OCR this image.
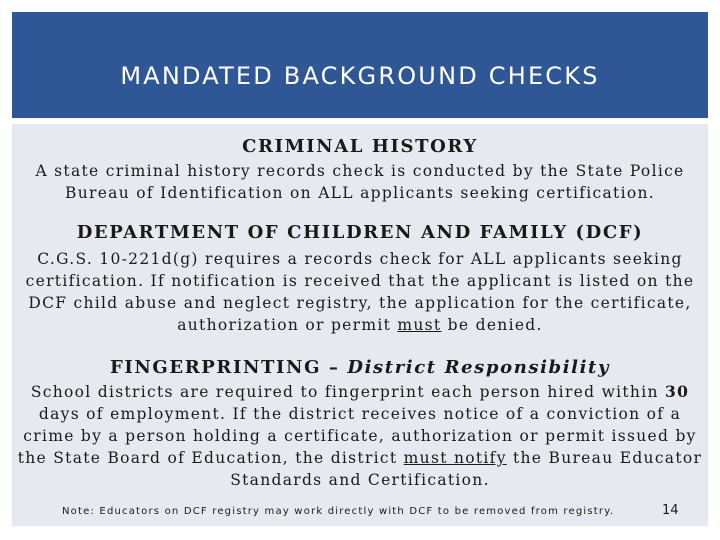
MANDATED BACKGROUND CHECKS
CRIMINAL HISTORY
A state criminal history records check is conducted by the State Police
Bureau of Identification on ALL applicants seeking certification.
DEPARTMENT OF CHILDREN AND FAMILY (DCF)
C.G.S. 10-221d(g) requires a records check for ALL applicants seeking
certification. If notification is received that the applicant is listed on the
DCF child abuse and neglect registry, the application for the certificate,
authorization or permit must be denied.
FINGERPRINTING – District Responsibility
School districts are required to fingerprint each person hired within 30
days of employment. If the district receives notice of a conviction of a
crime by a person holding a certificate, authorization or permit issued by
the State Board of Education, the district must notify the Bureau Educator
Standards and Certification.
Note: Educators on DCF registry may work directly with DCF to be removed from registry.	14
